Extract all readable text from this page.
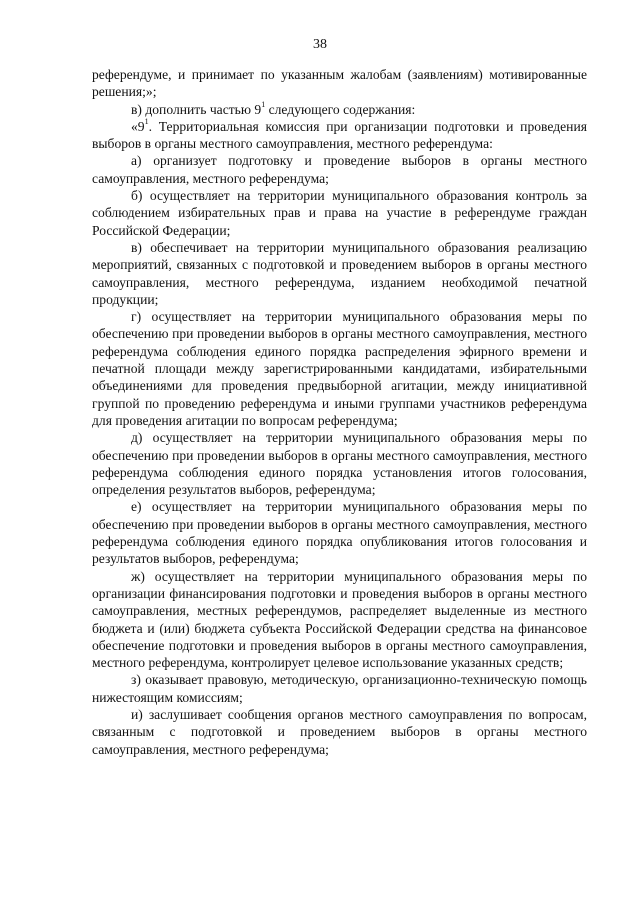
38

референдуме, и принимает по указанным жалобам (заявлениям) мотивированные решения;»;

в) дополнить частью $9^1$ следующего содержания:

«$9^1$. Территориальная комиссия при организации подготовки и проведения выборов в органы местного самоуправления, местного референдума:

а) организует подготовку и проведение выборов в органы местного самоуправления, местного референдума;

б) осуществляет на территории муниципального образования контроль за соблюдением избирательных прав и права на участие в референдуме граждан Российской Федерации;

в) обеспечивает на территории муниципального образования реализацию мероприятий, связанных с подготовкой и проведением выборов в органы местного самоуправления, местного референдума, изданием необходимой печатной продукции;

г) осуществляет на территории муниципального образования меры по обеспечению при проведении выборов в органы местного самоуправления, местного референдума соблюдения единого порядка распределения эфирного времени и печатной площади между зарегистрированными кандидатами, избирательными объединениями для проведения предвыборной агитации, между инициативной группой по проведению референдума и иными группами участников референдума для проведения агитации по вопросам референдума;

д) осуществляет на территории муниципального образования меры по обеспечению при проведении выборов в органы местного самоуправления, местного референдума соблюдения единого порядка установления итогов голосования, определения результатов выборов, референдума;

е) осуществляет на территории муниципального образования меры по обеспечению при проведении выборов в органы местного самоуправления, местного референдума соблюдения единого порядка опубликования итогов голосования и результатов выборов, референдума;

ж) осуществляет на территории муниципального образования меры по организации финансирования подготовки и проведения выборов в органы местного самоуправления, местных референдумов, распределяет выделенные из местного бюджета и (или) бюджета субъекта Российской Федерации средства на финансовое обеспечение подготовки и проведения выборов в органы местного самоуправления, местного референдума, контролирует целевое использование указанных средств;

з) оказывает правовую, методическую, организационно-техническую помощь нижестоящим комиссиям;

и) заслушивает сообщения органов местного самоуправления по вопросам, связанным с подготовкой и проведением выборов в органы местного самоуправления, местного референдума;
